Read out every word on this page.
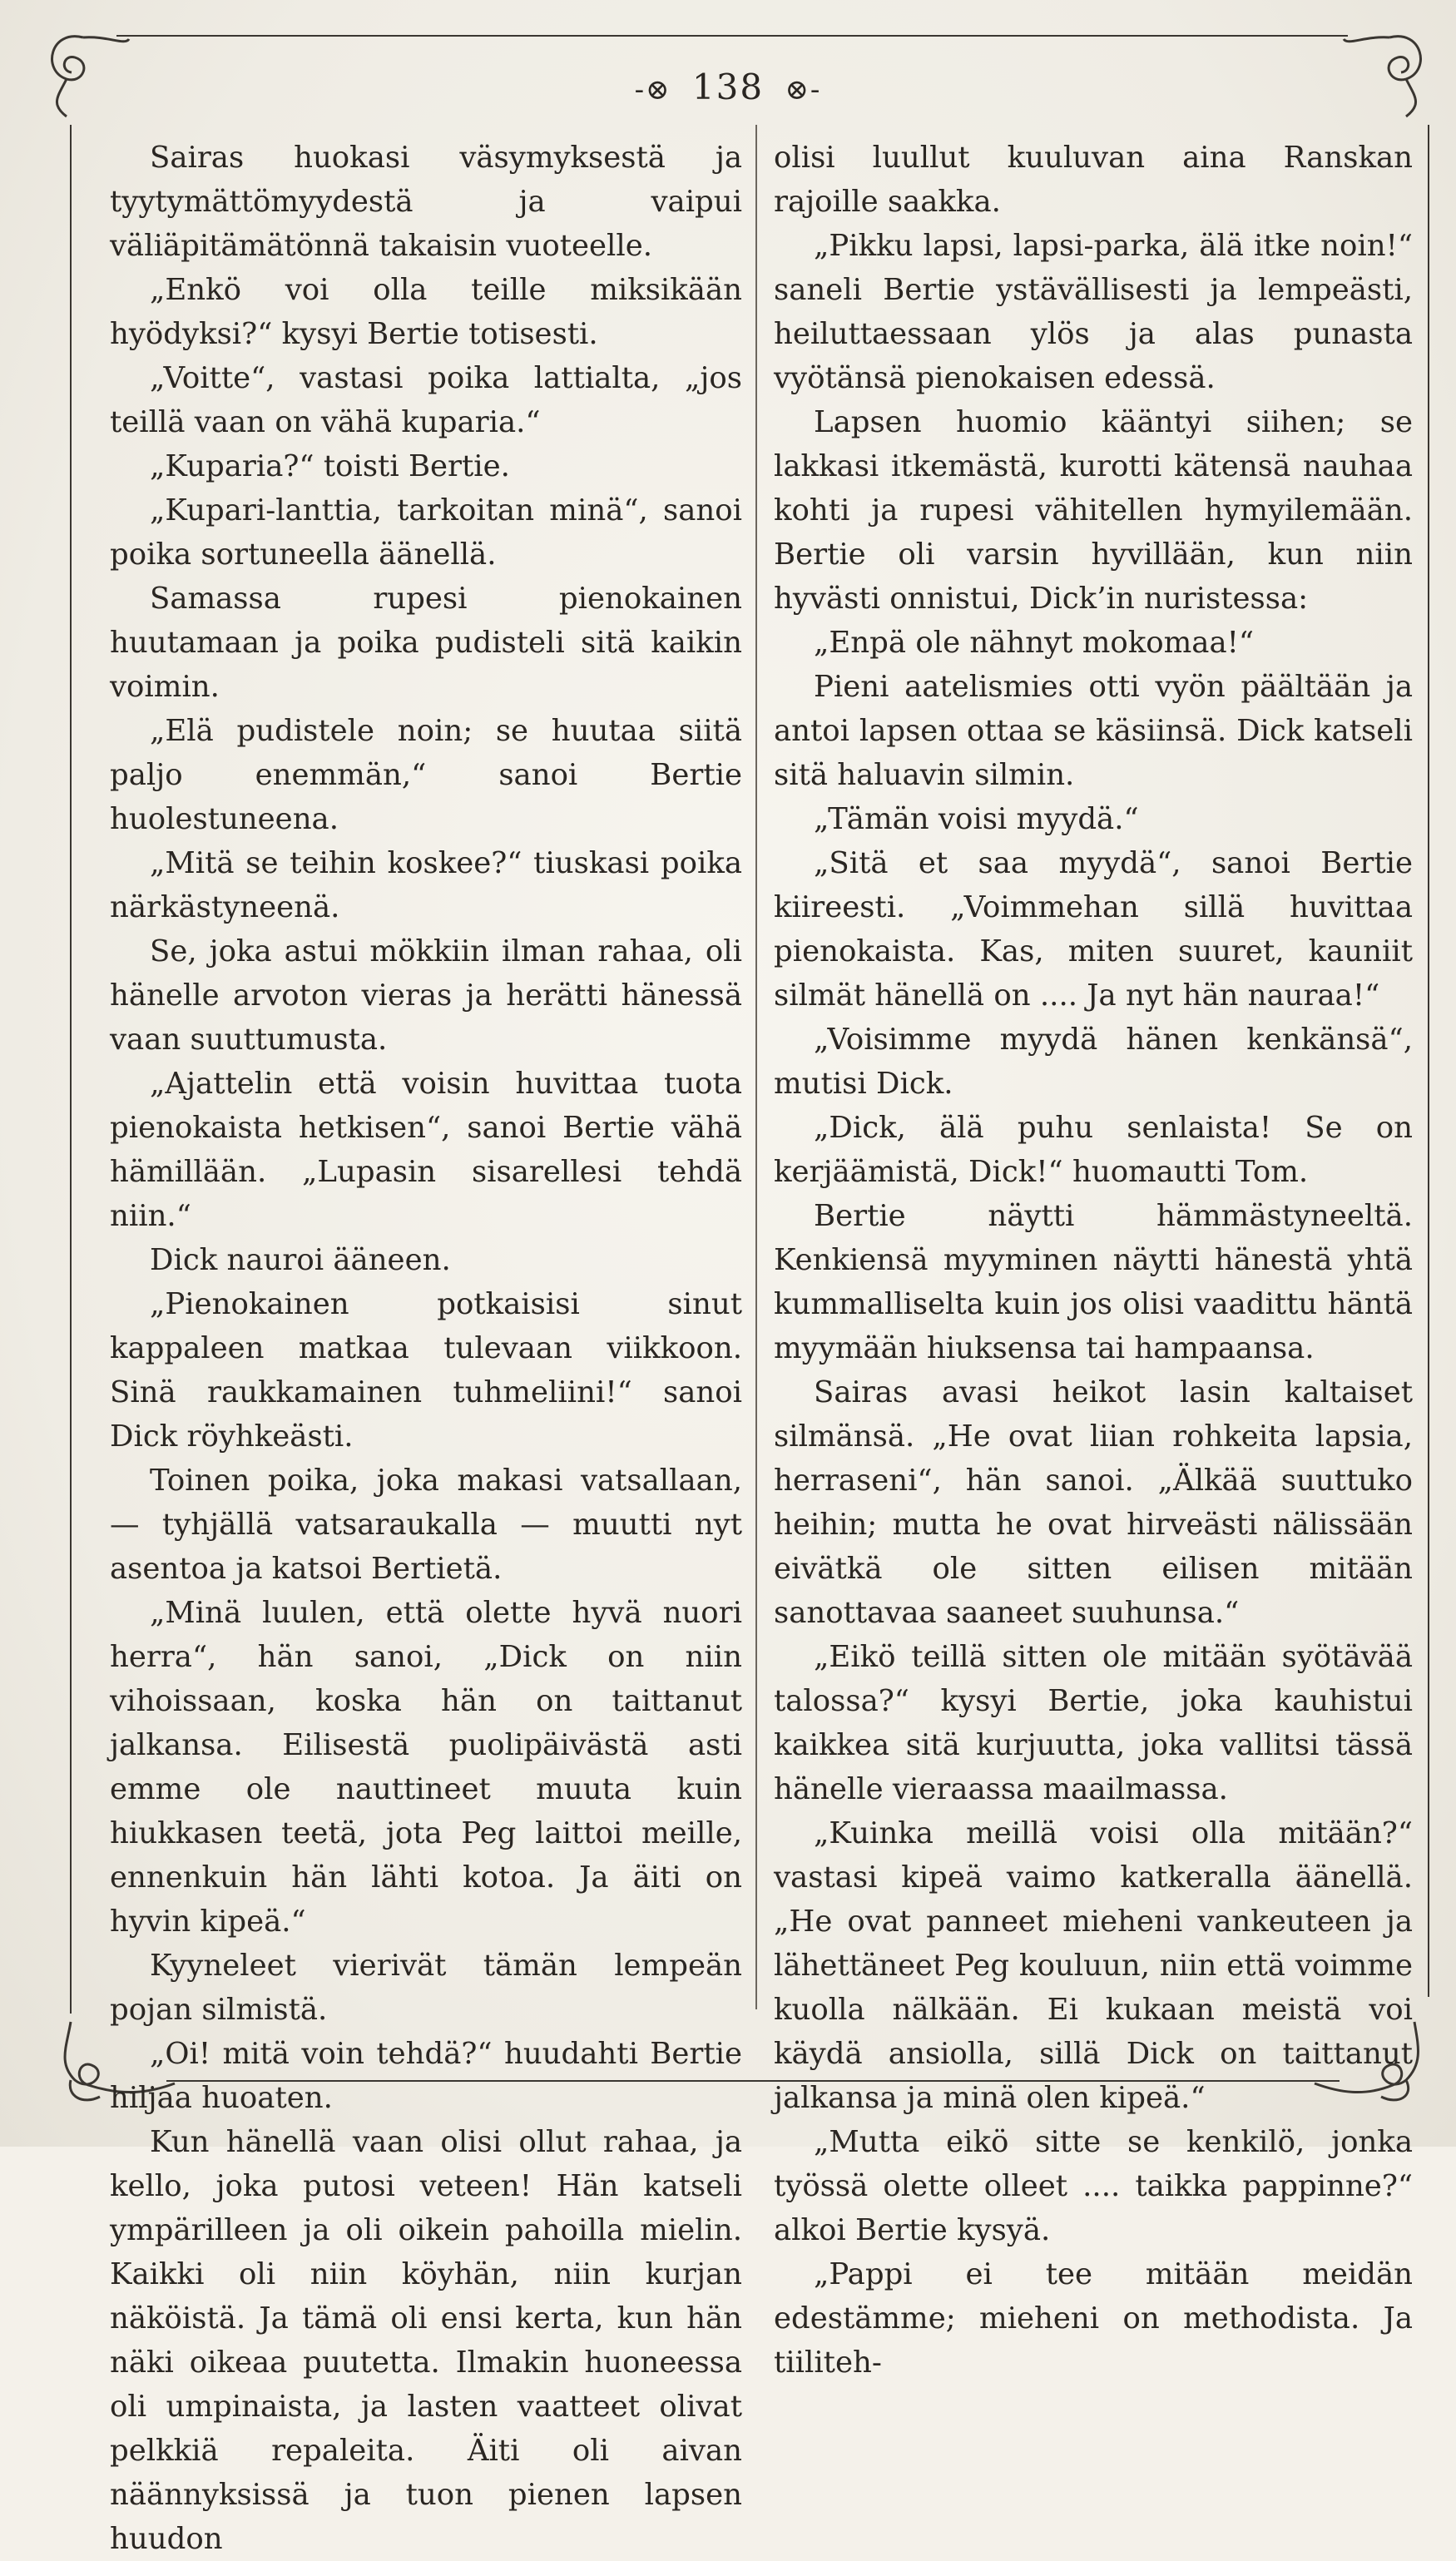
-⊗ 138 ⊗-

Sairas huokasi väsymyksestä ja tyytymättömyydestä ja vaipui väliäpitämätönnä takaisin vuoteelle.

„Enkö voi olla teille miksikään hyödyksi?“ kysyi Bertie totisesti.

„Voitte“, vastasi poika lattialta, „jos teillä vaan on vähä kuparia.“

„Kuparia?“ toisti Bertie.

„Kupari-lanttia, tarkoitan minä“, sanoi poika sortuneella äänellä.

Samassa rupesi pienokainen huutamaan ja poika pudisteli sitä kaikin voimin.

„Elä pudistele noin; se huutaa siitä paljo enemmän,“ sanoi Bertie huolestuneena.

„Mitä se teihin koskee?“ tiuskasi poika närkästyneenä.

Se, joka astui mökkiin ilman rahaa, oli hänelle arvoton vieras ja herätti hänessä vaan suuttumusta.

„Ajattelin että voisin huvittaa tuota pienokaista hetkisen“, sanoi Bertie vähä hämillään. „Lupasin sisarellesi tehdä niin.“

Dick nauroi ääneen.

„Pienokainen potkaisisi sinut kappaleen matkaa tulevaan viikkoon. Sinä raukkamainen tuhmeliini!“ sanoi Dick röyhkeästi.

Toinen poika, joka makasi vatsallaan, — tyhjällä vatsaraukalla — muutti nyt asentoa ja katsoi Bertietä.

„Minä luulen, että olette hyvä nuori herra“, hän sanoi, „Dick on niin vihoissaan, koska hän on taittanut jalkansa. Eilisestä puolipäivästä asti emme ole nauttineet muuta kuin hiukkasen teetä, jota Peg laittoi meille, ennenkuin hän lähti kotoa. Ja äiti on hyvin kipeä.“

Kyyneleet vierivät tämän lempeän pojan silmistä.

„Oi! mitä voin tehdä?“ huudahti Bertie hiljaa huoaten.

Kun hänellä vaan olisi ollut rahaa, ja kello, joka putosi veteen! Hän katseli ympärilleen ja oli oikein pahoilla mielin. Kaikki oli niin köyhän, niin kurjan näköistä. Ja tämä oli ensi kerta, kun hän näki oikeaa puutetta. Ilmakin huoneessa oli umpinaista, ja lasten vaatteet olivat pelkkiä repaleita. Äiti oli aivan näännyksissä ja tuon pienen lapsen huudon

olisi luullut kuuluvan aina Ranskan rajoille saakka.

„Pikku lapsi, lapsi-parka, älä itke noin!“ saneli Bertie ystävällisesti ja lempeästi, heiluttaessaan ylös ja alas punasta vyötänsä pienokaisen edessä.

Lapsen huomio kääntyi siihen; se lakkasi itkemästä, kurotti kätensä nauhaa kohti ja rupesi vähitellen hymyilemään. Bertie oli varsin hyvillään, kun niin hyvästi onnistui, Dick’in nuristessa:

„Enpä ole nähnyt mokomaa!“

Pieni aatelismies otti vyön päältään ja antoi lapsen ottaa se käsiinsä. Dick katseli sitä haluavin silmin.

„Tämän voisi myydä.“

„Sitä et saa myydä“, sanoi Bertie kiireesti. „Voimmehan sillä huvittaa pienokaista. Kas, miten suuret, kauniit silmät hänellä on .... Ja nyt hän nauraa!“

„Voisimme myydä hänen kenkänsä“, mutisi Dick.

„Dick, älä puhu senlaista! Se on kerjäämistä, Dick!“ huomautti Tom.

Bertie näytti hämmästyneeltä. Kenkiensä myyminen näytti hänestä yhtä kummalliselta kuin jos olisi vaadittu häntä myymään hiuksensa tai hampaansa.

Sairas avasi heikot lasin kaltaiset silmänsä. „He ovat liian rohkeita lapsia, herraseni“, hän sanoi. „Älkää suuttuko heihin; mutta he ovat hirveästi nälissään eivätkä ole sitten eilisen mitään sanottavaa saaneet suuhunsa.“

„Eikö teillä sitten ole mitään syötävää talossa?“ kysyi Bertie, joka kauhistui kaikkea sitä kurjuutta, joka vallitsi tässä hänelle vieraassa maailmassa.

„Kuinka meillä voisi olla mitään?“ vastasi kipeä vaimo katkeralla äänellä. „He ovat panneet mieheni vankeuteen ja lähettäneet Peg kouluun, niin että voimme kuolla nälkään. Ei kukaan meistä voi käydä ansiolla, sillä Dick on taittanut jalkansa ja minä olen kipeä.“

„Mutta eikö sitte se kenkilö, jonka työssä olette olleet .... taikka pappinne?“ alkoi Bertie kysyä.

„Pappi ei tee mitään meidän edestämme; mieheni on methodista. Ja tiiliteh-
